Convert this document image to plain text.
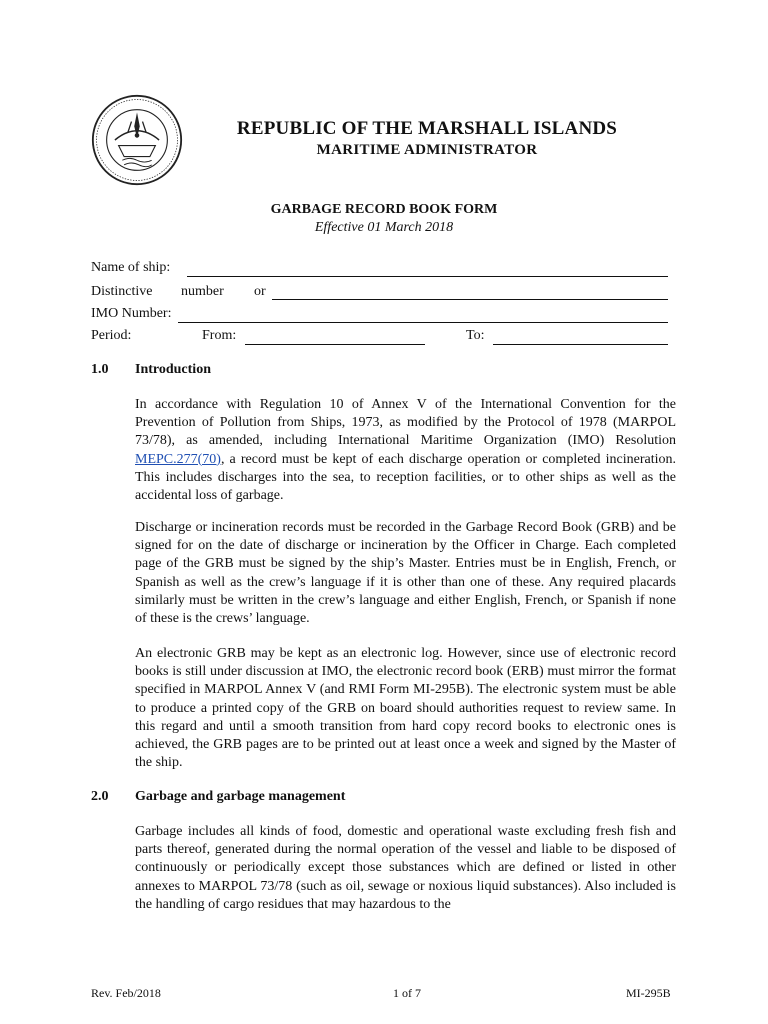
REPUBLIC OF THE MARSHALL ISLANDS
MARITIME ADMINISTRATOR
GARBAGE RECORD BOOK FORM
Effective 01 March 2018
Name of ship:
Distinctive number or
IMO Number:
Period:	From:	To:
1.0 Introduction

In accordance with Regulation 10 of Annex V of the International Convention for the Prevention of Pollution from Ships, 1973, as modified by the Protocol of 1978 (MARPOL 73/78), as amended, including International Maritime Organization (IMO) Resolution MEPC.277(70), a record must be kept of each discharge operation or completed incineration. This includes discharges into the sea, to reception facilities, or to other ships as well as the accidental loss of garbage.

Discharge or incineration records must be recorded in the Garbage Record Book (GRB) and be signed for on the date of discharge or incineration by the Officer in Charge. Each completed page of the GRB must be signed by the ship’s Master. Entries must be in English, French, or Spanish as well as the crew’s language if it is other than one of these. Any required placards similarly must be written in the crew’s language and either English, French, or Spanish if none of these is the crews’ language.

An electronic GRB may be kept as an electronic log. However, since use of electronic record books is still under discussion at IMO, the electronic record book (ERB) must mirror the format specified in MARPOL Annex V (and RMI Form MI-295B). The electronic system must be able to produce a printed copy of the GRB on board should authorities request to review same. In this regard and until a smooth transition from hard copy record books to electronic ones is achieved, the GRB pages are to be printed out at least once a week and signed by the Master of the ship.

2.0 Garbage and garbage management

Garbage includes all kinds of food, domestic and operational waste excluding fresh fish and parts thereof, generated during the normal operation of the vessel and liable to be disposed of continuously or periodically except those substances which are defined or listed in other annexes to MARPOL 73/78 (such as oil, sewage or noxious liquid substances). Also included is the handling of cargo residues that may hazardous to the

Rev. Feb/2018	1 of 7	MI-295B
